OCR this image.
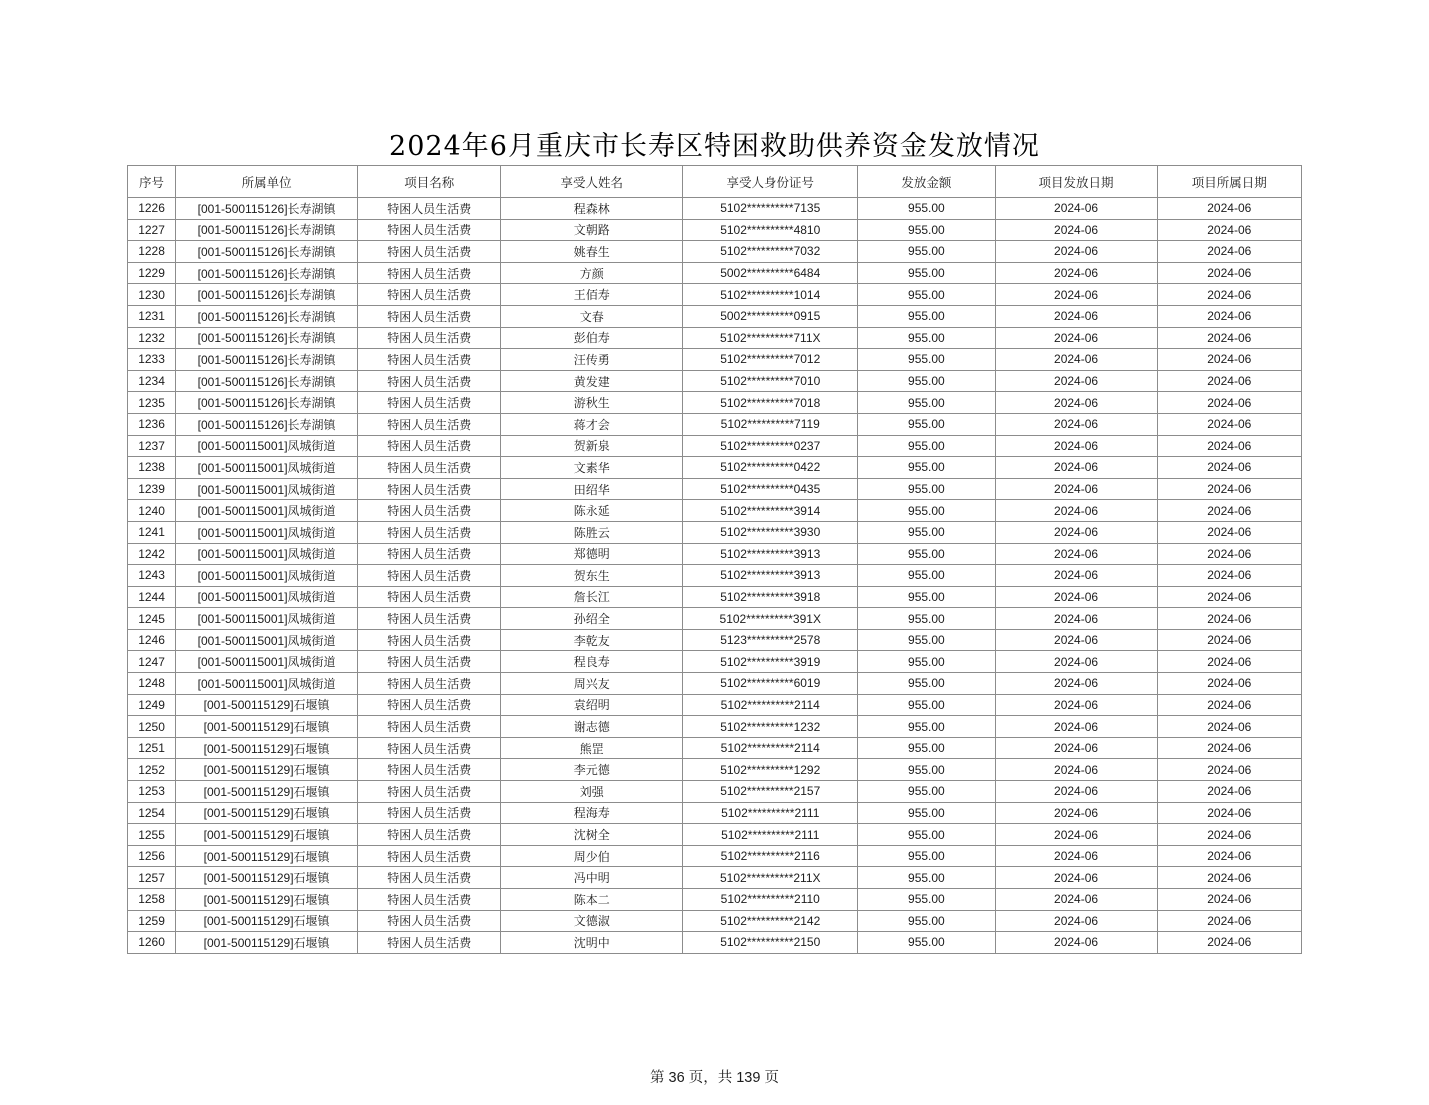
2024年6月重庆市长寿区特困救助供养资金发放情况
序号	所属单位	项目名称	享受人姓名	享受人身份证号	发放金额	项目发放日期	项目所属日期
1226	[001-500115126]长寿湖镇	特困人员生活费	程森林	5102**********7135	955.00	2024-06	2024-06
1227	[001-500115126]长寿湖镇	特困人员生活费	文朝路	5102**********4810	955.00	2024-06	2024-06
1228	[001-500115126]长寿湖镇	特困人员生活费	姚春生	5102**********7032	955.00	2024-06	2024-06
1229	[001-500115126]长寿湖镇	特困人员生活费	方颜	5002**********6484	955.00	2024-06	2024-06
1230	[001-500115126]长寿湖镇	特困人员生活费	王佰寿	5102**********1014	955.00	2024-06	2024-06
1231	[001-500115126]长寿湖镇	特困人员生活费	文春	5002**********0915	955.00	2024-06	2024-06
1232	[001-500115126]长寿湖镇	特困人员生活费	彭伯寿	5102**********711X	955.00	2024-06	2024-06
1233	[001-500115126]长寿湖镇	特困人员生活费	汪传勇	5102**********7012	955.00	2024-06	2024-06
1234	[001-500115126]长寿湖镇	特困人员生活费	黄发建	5102**********7010	955.00	2024-06	2024-06
1235	[001-500115126]长寿湖镇	特困人员生活费	游秋生	5102**********7018	955.00	2024-06	2024-06
1236	[001-500115126]长寿湖镇	特困人员生活费	蒋才会	5102**********7119	955.00	2024-06	2024-06
1237	[001-500115001]凤城街道	特困人员生活费	贺新泉	5102**********0237	955.00	2024-06	2024-06
1238	[001-500115001]凤城街道	特困人员生活费	文素华	5102**********0422	955.00	2024-06	2024-06
1239	[001-500115001]凤城街道	特困人员生活费	田绍华	5102**********0435	955.00	2024-06	2024-06
1240	[001-500115001]凤城街道	特困人员生活费	陈永延	5102**********3914	955.00	2024-06	2024-06
1241	[001-500115001]凤城街道	特困人员生活费	陈胜云	5102**********3930	955.00	2024-06	2024-06
1242	[001-500115001]凤城街道	特困人员生活费	郑德明	5102**********3913	955.00	2024-06	2024-06
1243	[001-500115001]凤城街道	特困人员生活费	贺东生	5102**********3913	955.00	2024-06	2024-06
1244	[001-500115001]凤城街道	特困人员生活费	詹长江	5102**********3918	955.00	2024-06	2024-06
1245	[001-500115001]凤城街道	特困人员生活费	孙绍全	5102**********391X	955.00	2024-06	2024-06
1246	[001-500115001]凤城街道	特困人员生活费	李乾友	5123**********2578	955.00	2024-06	2024-06
1247	[001-500115001]凤城街道	特困人员生活费	程良寿	5102**********3919	955.00	2024-06	2024-06
1248	[001-500115001]凤城街道	特困人员生活费	周兴友	5102**********6019	955.00	2024-06	2024-06
1249	[001-500115129]石堰镇	特困人员生活费	袁绍明	5102**********2114	955.00	2024-06	2024-06
1250	[001-500115129]石堰镇	特困人员生活费	谢志德	5102**********1232	955.00	2024-06	2024-06
1251	[001-500115129]石堰镇	特困人员生活费	熊罡	5102**********2114	955.00	2024-06	2024-06
1252	[001-500115129]石堰镇	特困人员生活费	李元德	5102**********1292	955.00	2024-06	2024-06
1253	[001-500115129]石堰镇	特困人员生活费	刘强	5102**********2157	955.00	2024-06	2024-06
1254	[001-500115129]石堰镇	特困人员生活费	程海寿	5102**********2111	955.00	2024-06	2024-06
1255	[001-500115129]石堰镇	特困人员生活费	沈树全	5102**********2111	955.00	2024-06	2024-06
1256	[001-500115129]石堰镇	特困人员生活费	周少伯	5102**********2116	955.00	2024-06	2024-06
1257	[001-500115129]石堰镇	特困人员生活费	冯中明	5102**********211X	955.00	2024-06	2024-06
1258	[001-500115129]石堰镇	特困人员生活费	陈本二	5102**********2110	955.00	2024-06	2024-06
1259	[001-500115129]石堰镇	特困人员生活费	文德淑	5102**********2142	955.00	2024-06	2024-06
1260	[001-500115129]石堰镇	特困人员生活费	沈明中	5102**********2150	955.00	2024-06	2024-06
第 36 页，共 139 页
